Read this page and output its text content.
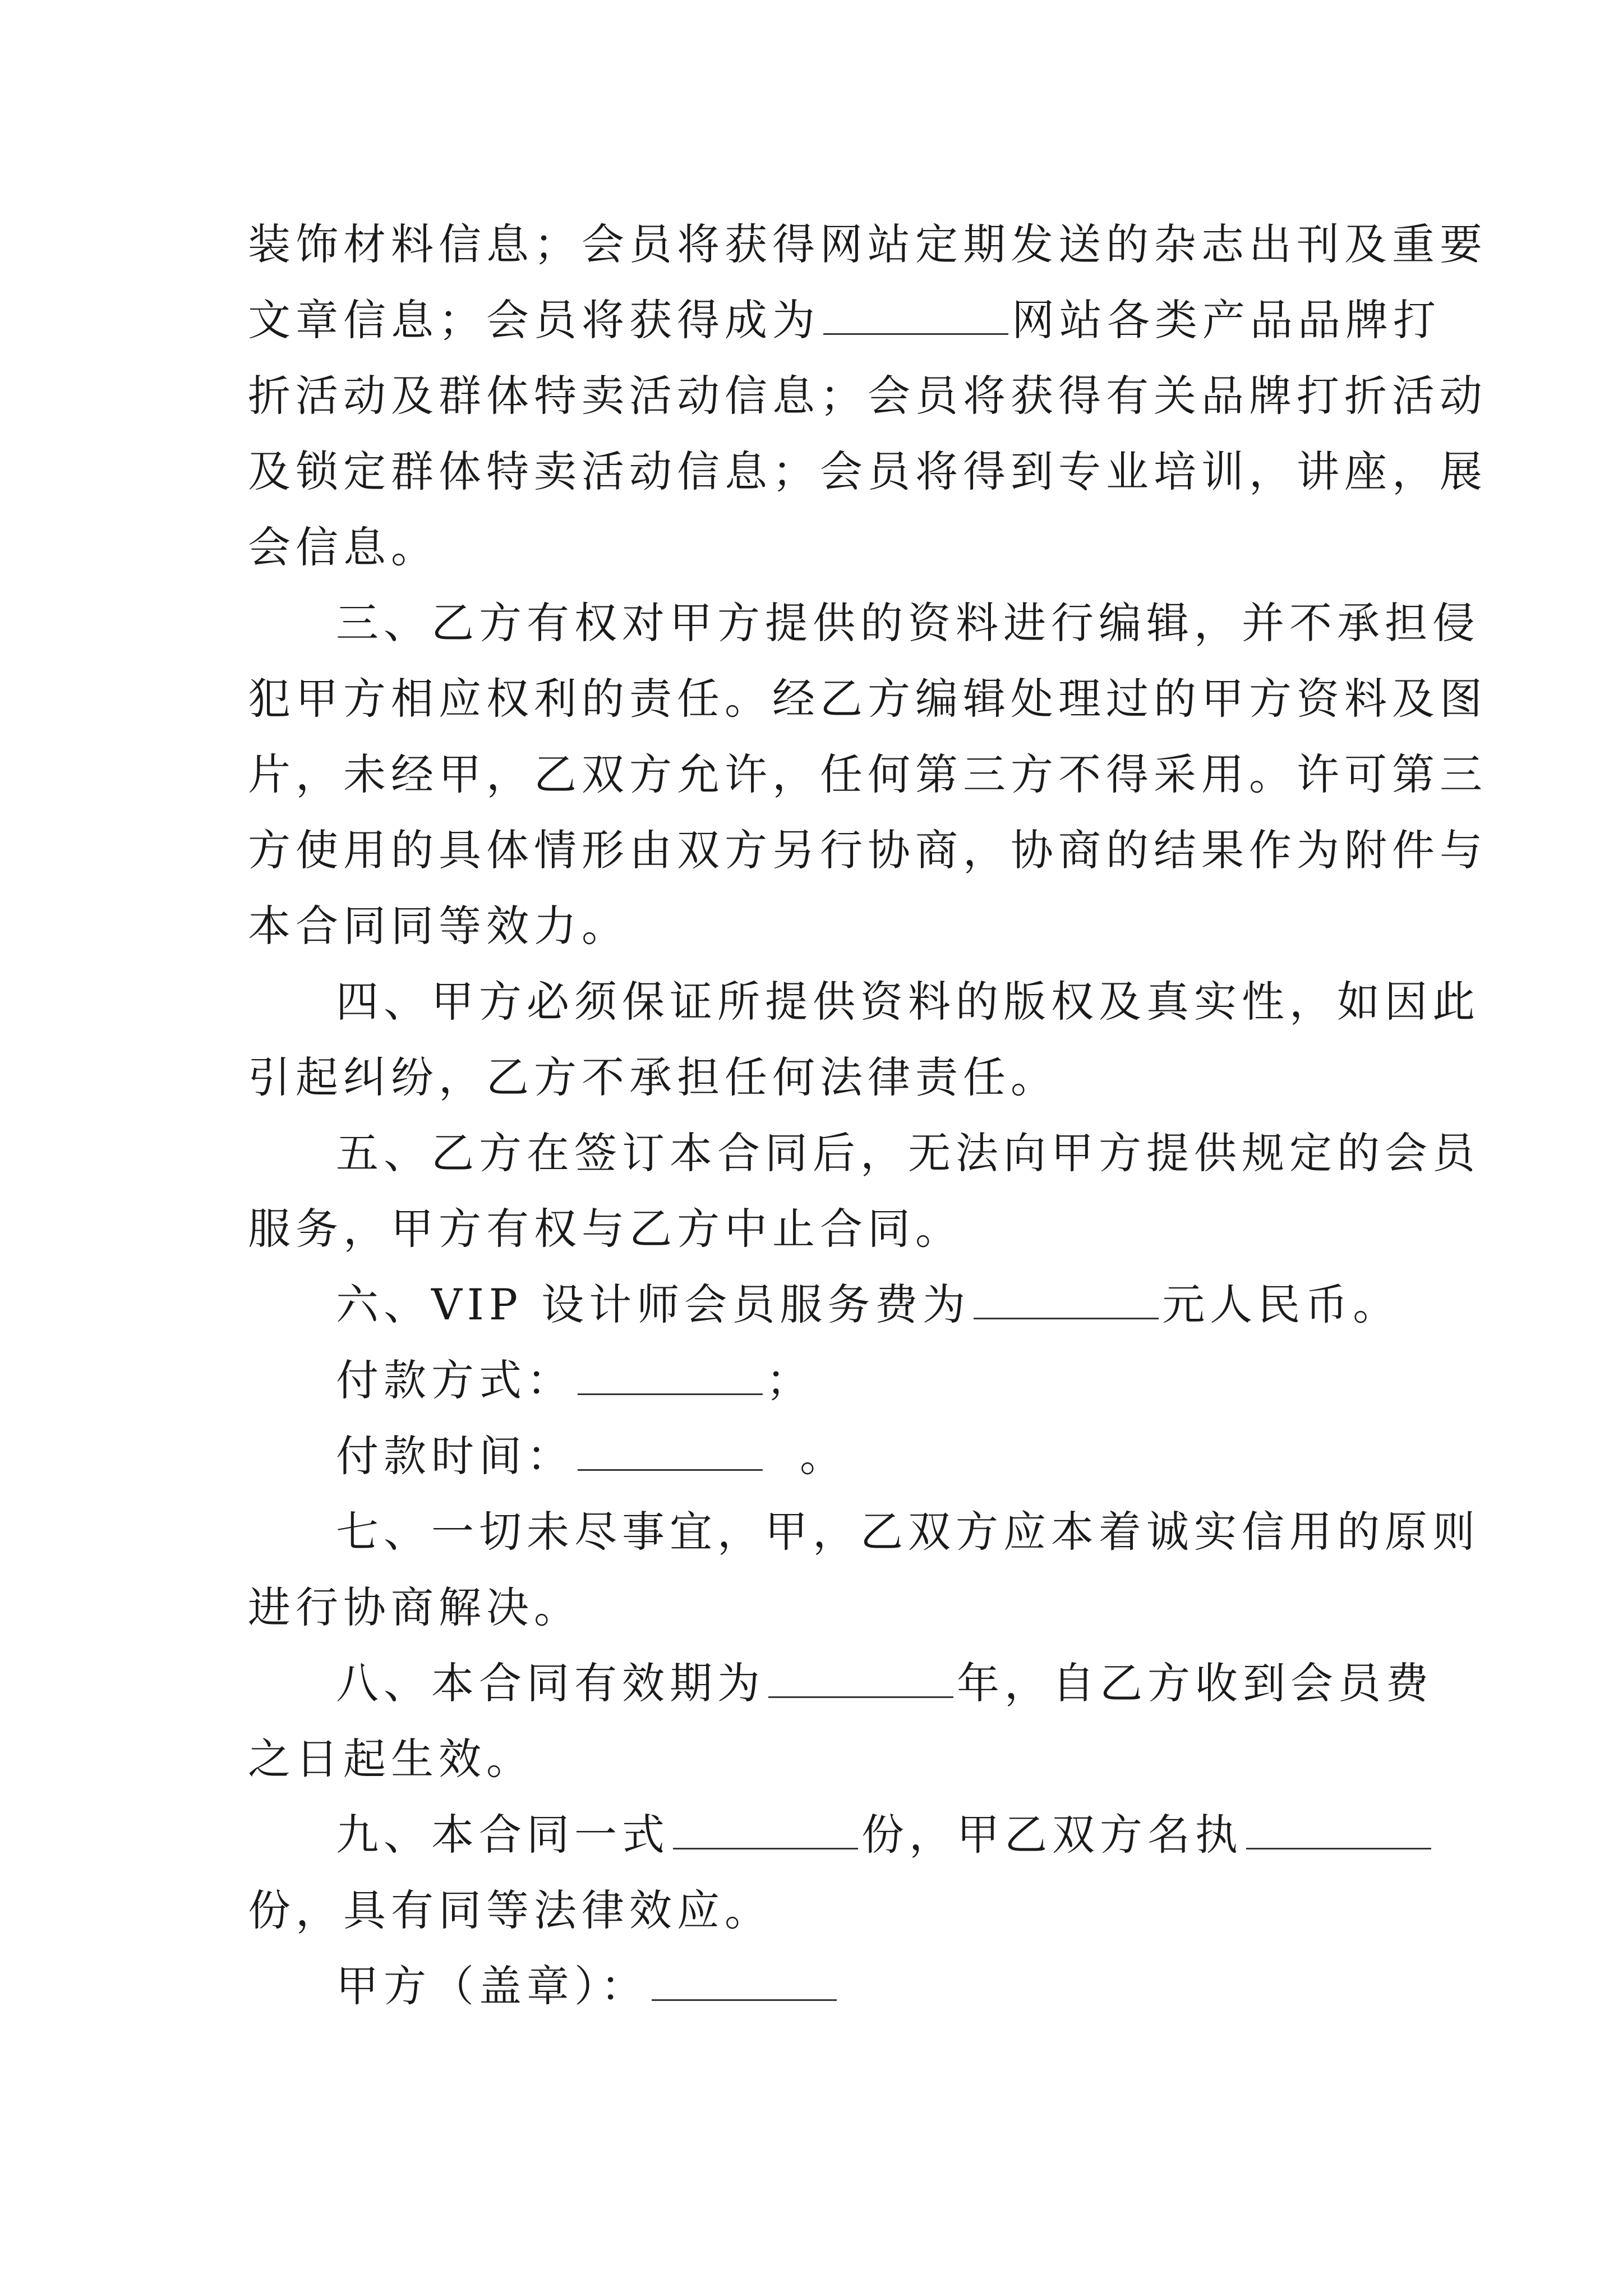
装饰材料信息；会员将获得网站定期发送的杂志出刊及重要
文章信息；会员将获得成为	网站各类产品品牌打
折活动及群体特卖活动信息；会员将获得有关品牌打折活动
及锁定群体特卖活动信息；会员将得到专业培训，讲座，展
会信息。
三、乙方有权对甲方提供的资料进行编辑，并不承担侵
犯甲方相应权利的责任。经乙方编辑处理过的甲方资料及图
片，未经甲，乙双方允许，任何第三方不得采用。许可第三
方使用的具体情形由双方另行协商，协商的结果作为附件与
本合同同等效力。
四、甲方必须保证所提供资料的版权及真实性，如因此
引起纠纷，乙方不承担任何法律责任。
五、乙方在签订本合同后，无法向甲方提供规定的会员
服务，甲方有权与乙方中止合同。
六、VIP 设计师会员服务费为	元人民币。
付款方式：	；
付款时间：	。
七、一切未尽事宜，甲，乙双方应本着诚实信用的原则
进行协商解决。
八、本合同有效期为	年，自乙方收到会员费
之日起生效。
九、本合同一式	份，甲乙双方名执
份，具有同等法律效应。
甲方（盖章）：
